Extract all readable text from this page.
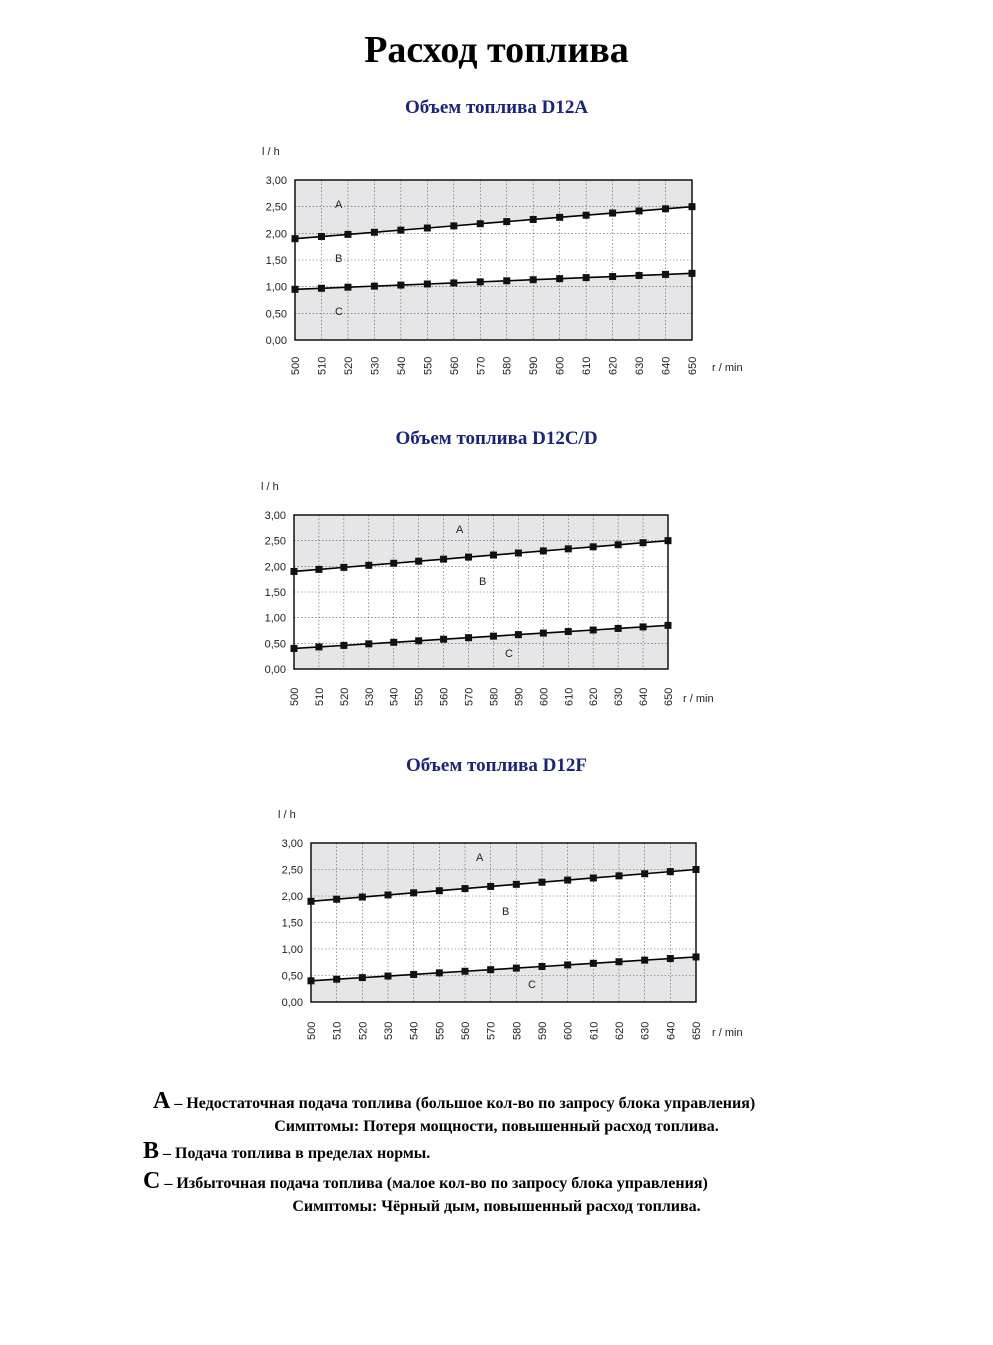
Расход топлива
Объем топлива D12A
3,00
2,50
2,00
1,50
1,00
0,50
0,00
l / h
500 510 520 530 540 550 560 570 580 590 600 610 620 630 640 650 r / min
A
B
C
Объем топлива D12C/D
3,00
2,50
2,00
1,50
1,00
0,50
0,00
l / h
500 510 520 530 540 550 560 570 580 590 600 610 620 630 640 650 r / min
A
B
C
Объем топлива D12F
3,00
2,50
2,00
1,50
1,00
0,50
0,00
l / h
500 510 520 530 540 550 560 570 580 590 600 610 620 630 640 650 r / min
A
B
C
A – Недостаточная подача топлива (большое кол-во по запросу блока управления)
Симптомы: Потеря мощности, повышенный расход топлива.
B – Подача топлива в пределах нормы.
C – Избыточная подача топлива (малое кол-во по запросу блока управления)
Симптомы: Чёрный дым, повышенный расход топлива.
